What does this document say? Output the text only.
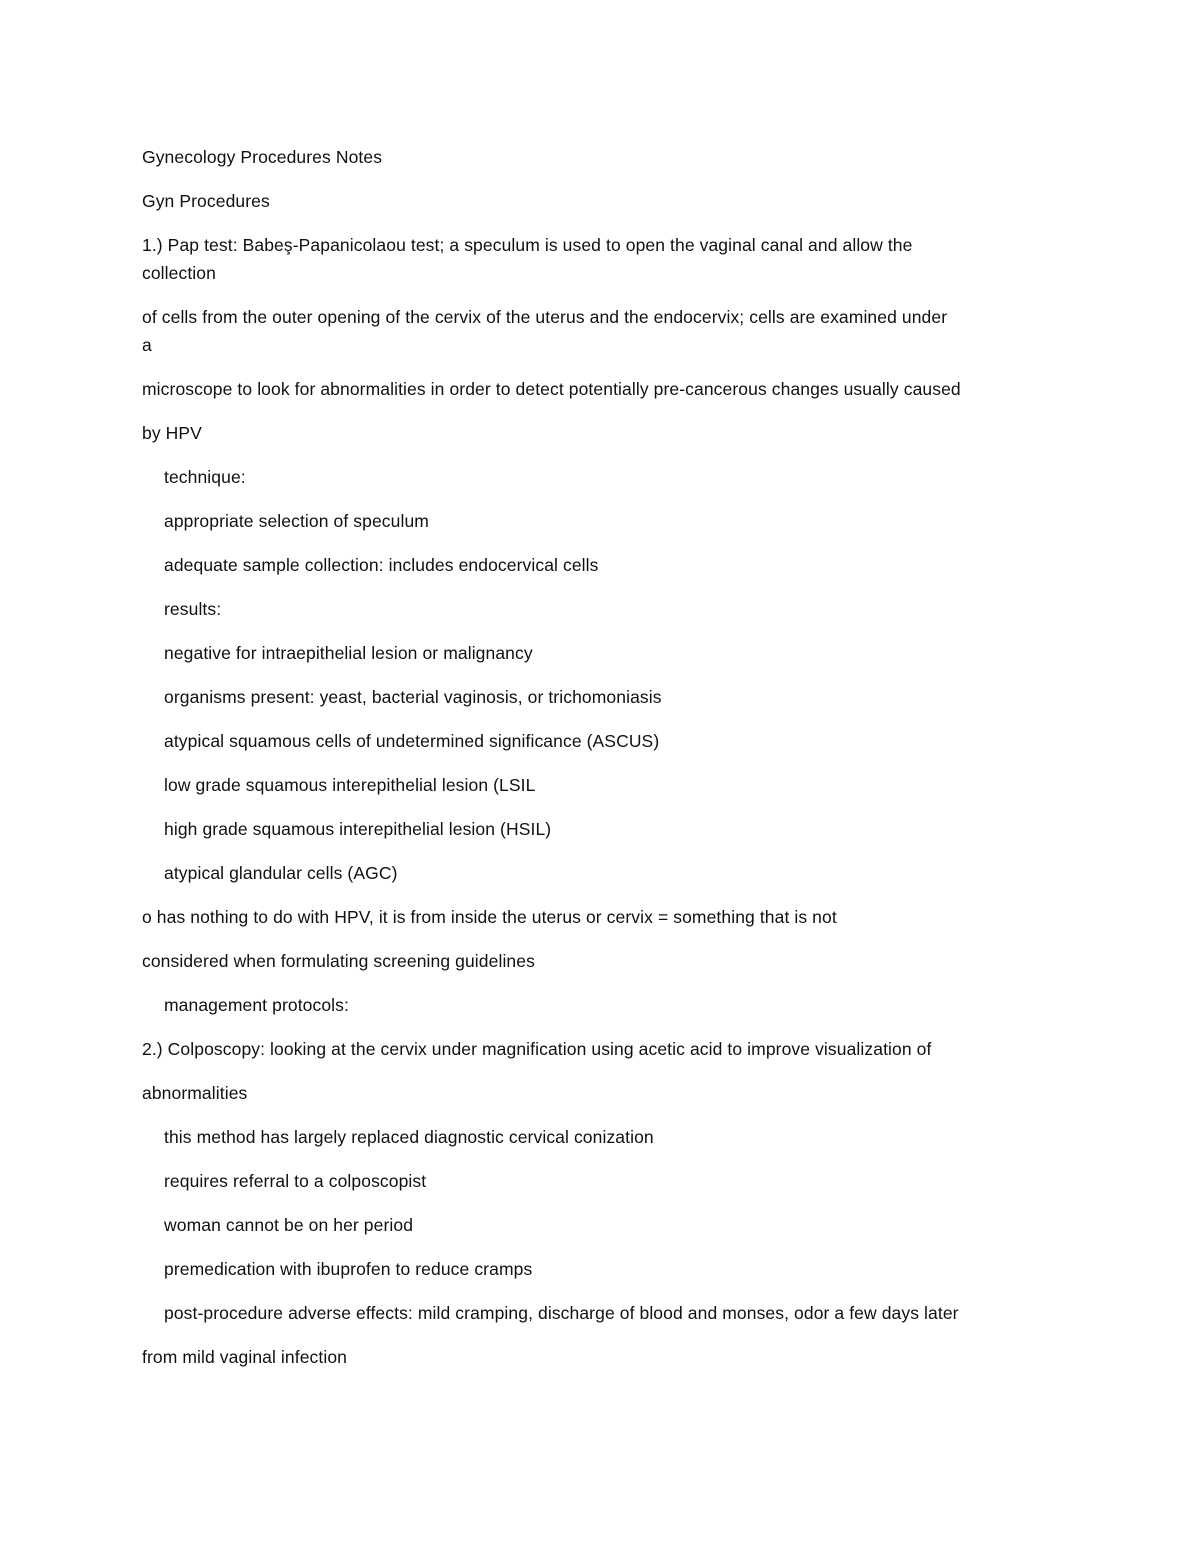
Gynecology Procedures Notes
Gyn Procedures
1.) Pap test: Babeş-Papanicolaou test; a speculum is used to open the vaginal canal and allow the
collection
of cells from the outer opening of the cervix of the uterus and the endocervix; cells are examined under
a
microscope to look for abnormalities in order to detect potentially pre-cancerous changes usually caused
by HPV
technique:
appropriate selection of speculum
adequate sample collection: includes endocervical cells
results:
negative for intraepithelial lesion or malignancy
organisms present: yeast, bacterial vaginosis, or trichomoniasis
atypical squamous cells of undetermined significance (ASCUS)
low grade squamous interepithelial lesion (LSIL
high grade squamous interepithelial lesion (HSIL)
atypical glandular cells (AGC)
o has nothing to do with HPV, it is from inside the uterus or cervix = something that is not
considered when formulating screening guidelines
management protocols:
2.) Colposcopy: looking at the cervix under magnification using acetic acid to improve visualization of
abnormalities
this method has largely replaced diagnostic cervical conization
requires referral to a colposcopist
woman cannot be on her period
premedication with ibuprofen to reduce cramps
post-procedure adverse effects: mild cramping, discharge of blood and monses, odor a few days later
from mild vaginal infection
